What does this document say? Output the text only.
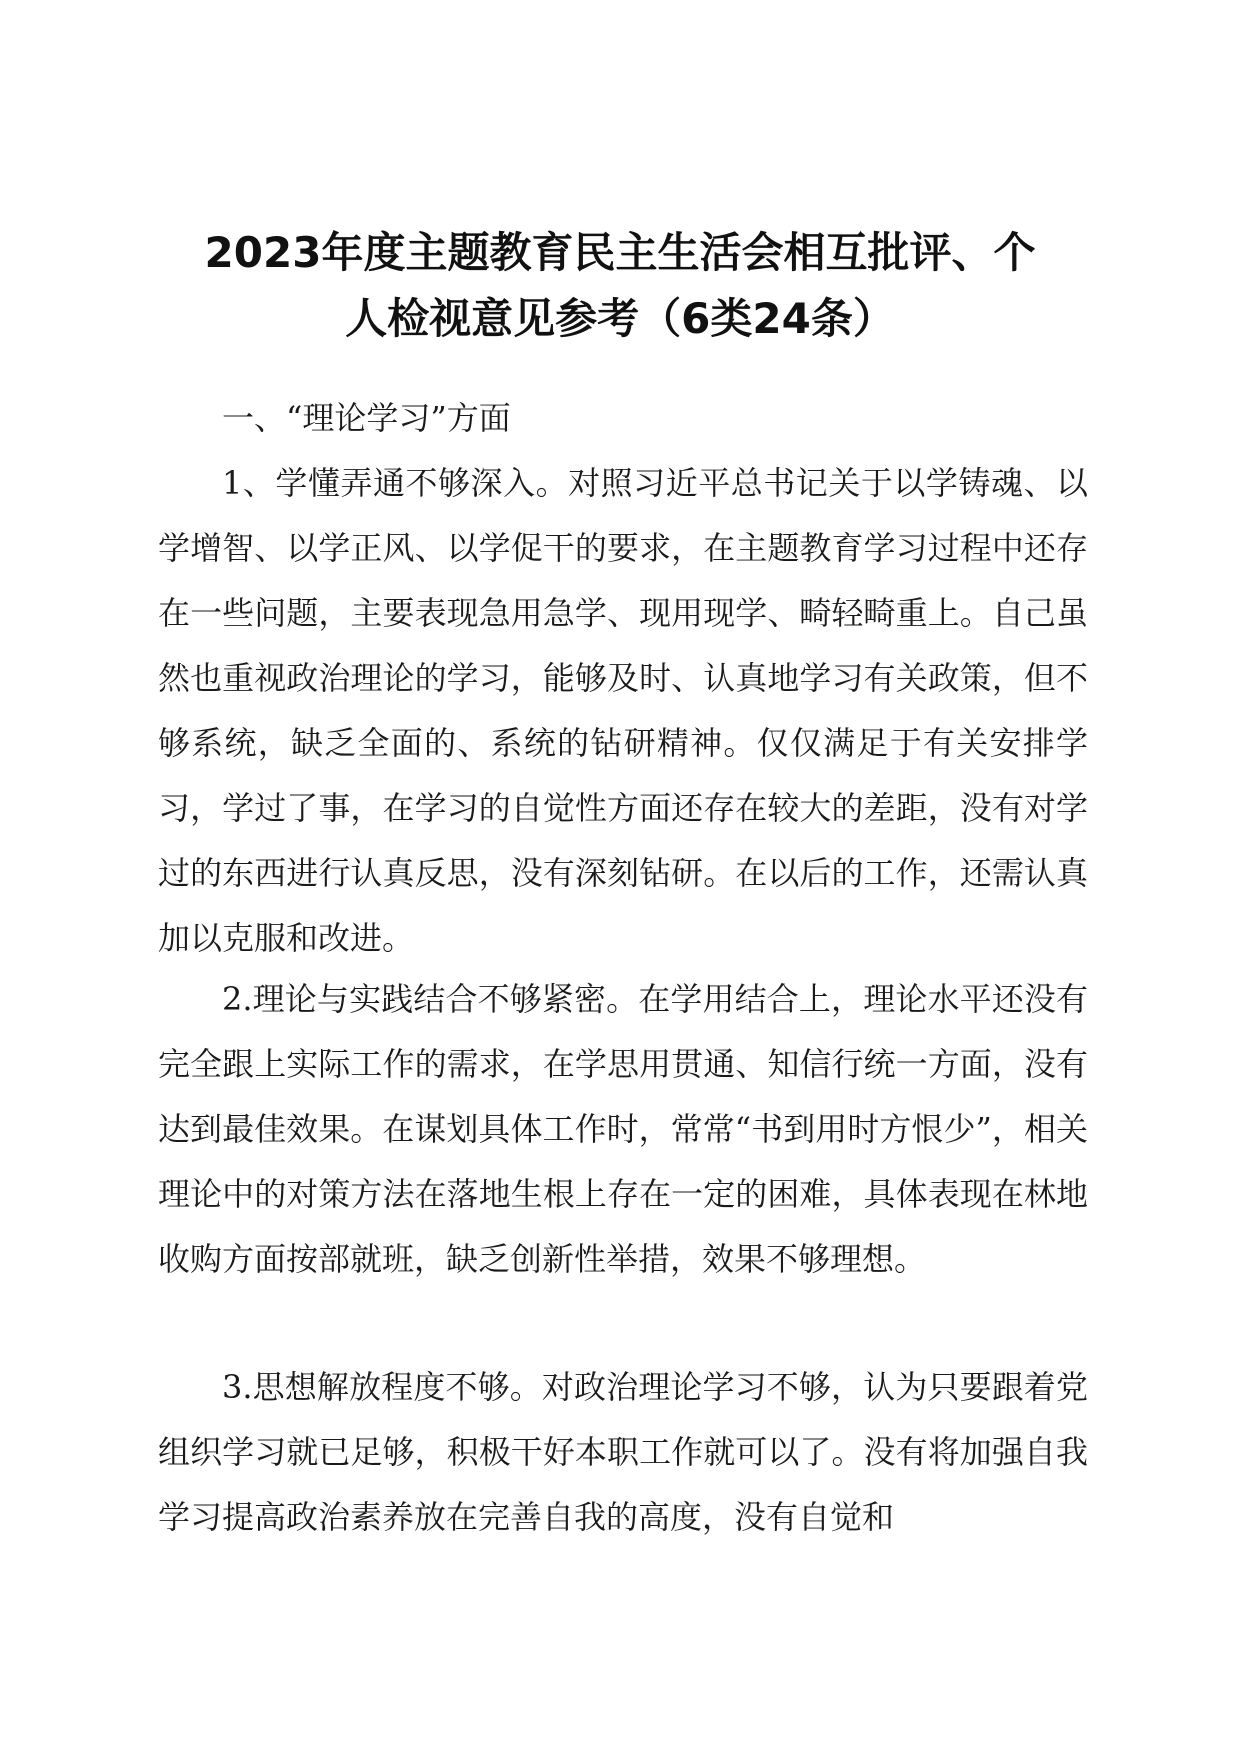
2023年度主题教育民主生活会相互批评、个
人检视意见参考（6类24条）
一、“理论学习”方面

1、学懂弄通不够深入。对照习近平总书记关于以学铸魂、以学增智、以学正风、以学促干的要求，在主题教育学习过程中还存在一些问题，主要表现急用急学、现用现学、畸轻畸重上。自己虽然也重视政治理论的学习，能够及时、认真地学习有关政策，但不够系统，缺乏全面的、系统的钻研精神。仅仅满足于有关安排学习，学过了事，在学习的自觉性方面还存在较大的差距，没有对学过的东西进行认真反思，没有深刻钻研。在以后的工作，还需认真加以克服和改进。

2.理论与实践结合不够紧密。在学用结合上，理论水平还没有完全跟上实际工作的需求，在学思用贯通、知信行统一方面，没有达到最佳效果。在谋划具体工作时，常常“书到用时方恨少”，相关理论中的对策方法在落地生根上存在一定的困难，具体表现在林地收购方面按部就班，缺乏创新性举措，效果不够理想。

3.思想解放程度不够。对政治理论学习不够，认为只要跟着党组织学习就已足够，积极干好本职工作就可以了。没有将加强自我学习提高政治素养放在完善自我的高度，没有自觉和
